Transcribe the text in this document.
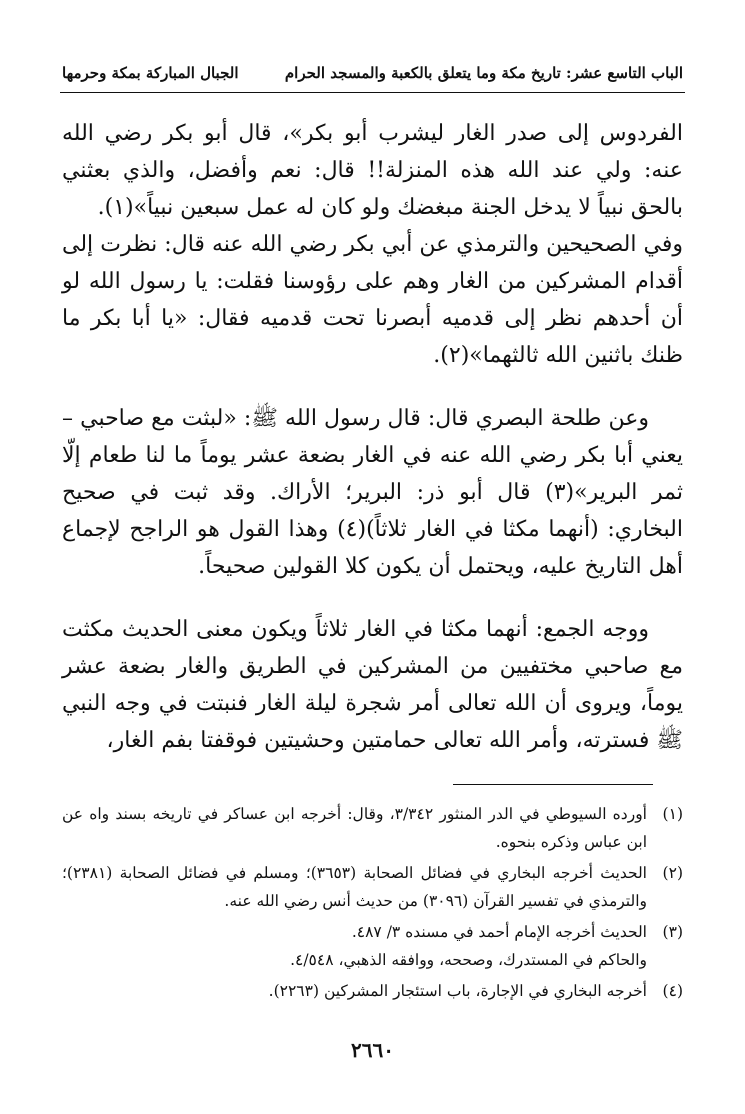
الباب التاسع عشر: تاريخ مكة وما يتعلق بالكعبة والمسجد الحرام
الجبال المباركة بمكة وحرمها

الفردوس إلى صدر الغار ليشرب أبو بكر»، قال أبو بكر رضي الله عنه: ولي عند الله هذه المنزلة!! قال: نعم وأفضل، والذي بعثني بالحق نبياً لا يدخل الجنة مبغضك ولو كان له عمل سبعين نبياً»(١).

وفي الصحيحين والترمذي عن أبي بكر رضي الله عنه قال: نظرت إلى أقدام المشركين من الغار وهم على رؤوسنا فقلت: يا رسول الله لو أن أحدهم نظر إلى قدميه أبصرنا تحت قدميه فقال: «يا أبا بكر ما ظنك باثنين الله ثالثهما»(٢).

وعن طلحة البصري قال: قال رسول الله ﷺ: «لبثت مع صاحبي – يعني أبا بكر رضي الله عنه في الغار بضعة عشر يوماً ما لنا طعام إلّا ثمر البرير»(٣) قال أبو ذر: البرير؛ الأراك. وقد ثبت في صحيح البخاري: (أنهما مكثا في الغار ثلاثاً)(٤) وهذا القول هو الراجح لإجماع أهل التاريخ عليه، ويحتمل أن يكون كلا القولين صحيحاً.

ووجه الجمع: أنهما مكثا في الغار ثلاثاً ويكون معنى الحديث مكثت مع صاحبي مختفيين من المشركين في الطريق والغار بضعة عشر يوماً، ويروى أن الله تعالى أمر شجرة ليلة الغار فنبتت في وجه النبي ﷺ فسترته، وأمر الله تعالى حمامتين وحشيتين فوقفتا بفم الغار،

(١)
أورده السيوطي في الدر المنثور ٣/٣٤٢، وقال: أخرجه ابن عساكر في تاريخه بسند واه عن ابن عباس وذكره بنحوه.
(٢)
الحديث أخرجه البخاري في فضائل الصحابة (٣٦٥٣)؛ ومسلم في فضائل الصحابة (٢٣٨١)؛ والترمذي في تفسير القرآن (٣٠٩٦) من حديث أنس رضي الله عنه.
(٣)
الحديث أخرجه الإمام أحمد في مسنده ٣/ ٤٨٧.
والحاكم في المستدرك، وصححه، ووافقه الذهبي، ٤/٥٤٨.
(٤)
أخرجه البخاري في الإجارة، باب استئجار المشركين (٢٢٦٣).
٢٦٦٠
